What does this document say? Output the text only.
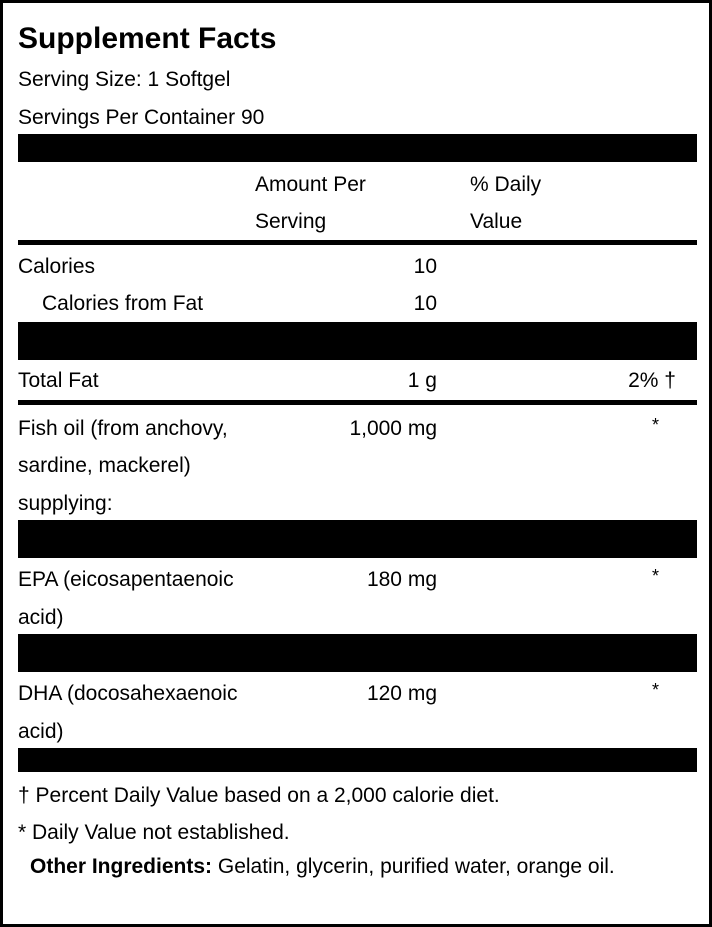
Supplement Facts
Serving Size: 1 Softgel
Servings Per Container 90
Amount Per
Serving
% Daily
Value
Calories	10
Calories from Fat	10
Total Fat	1 g	2% †
Fish oil (from anchovy,
sardine, mackerel)
supplying:
1,000 mg	*
EPA (eicosapentaenoic
acid)
180 mg	*
DHA (docosahexaenoic
acid)
120 mg	*
† Percent Daily Value based on a 2,000 calorie diet.
* Daily Value not established.
Other Ingredients: Gelatin, glycerin, purified water, orange oil.
